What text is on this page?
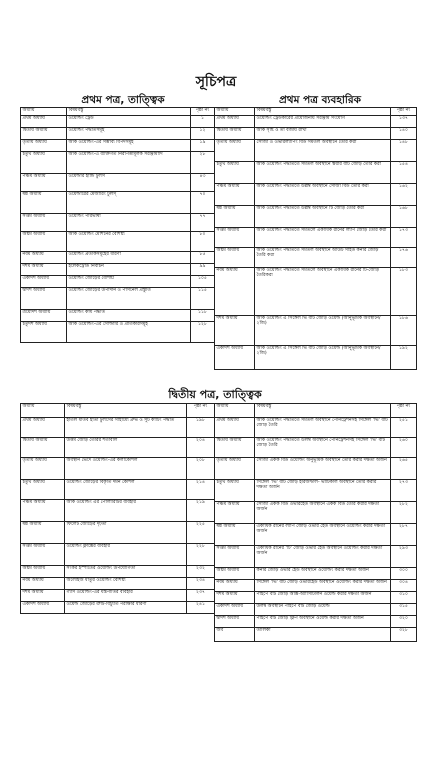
সূচিপত্র
প্রথম পত্র, তাত্ত্বিক	প্রথম পত্র ব্যবহারিক
অধ্যায়	বিষয়বস্তু	পৃষ্ঠা নং
প্রথম অধ্যায়	ওয়েল্ডিং ট্রেড	১
দ্বিতীয় অধ্যায়	ওয়েল্ডিং পদ্ধতিসমূহ	১২
তৃতীয় অধ্যায়	আর্ক ওয়েল্ডিং-এর সম্ভাব্য বিপদসমূহ	১৯
চতুর্থ অধ্যায়	আর্ক ওয়েল্ডিং-এ ব্যক্তিগত নিরাপত্তামূলক সরঞ্জামাদি	২৮
পঞ্চম অধ্যায়	ওয়েল্ডার হ্যান্ড টুলস	৪৩
ষষ্ঠ অধ্যায়	ওয়েল্ডারের মেজারিং টুলস্	৭০
সপ্তম অধ্যায়	ওয়েল্ডিং পরিভাষা	৭৭
অষ্টম অধ্যায়	আর্ক ওয়েল্ডিং মেশিনের বৈশিষ্ট্য	৮০
নবম অধ্যায়	ওয়েল্ডিং প্রতীকসমূহের ধারণা	৮৫
দশম অধ্যায়	ইলেকট্রোড নির্বাচন	৯৯
একাদশ অধ্যায়	ওয়েল্ডিং জোড়ের বৈশিষ্ট্য	১০৫
দ্বাদশ অধ্যায়	ওয়েল্ডিং জোড়ের উপাদান ও পার্সনেল প্রস্তুতি	১১৫
ত্রয়োদশ অধ্যায়	ওয়েল্ডিং কার্য পদ্ধতি	১১৮
চতুর্দশ অধ্যায়	আর্ক ওয়েল্ডিং-এর সোল্ডারি ও প্রতিকারসমূহ	১২৮
অধ্যায়	বিষয়বস্তু	পৃষ্ঠা নং
প্রথম অধ্যায়	ওয়েল্ডিং ট্রেডকারের প্রয়োজনীয় সরঞ্জাম সংযোগ	১৩৭
দ্বিতীয় অধ্যায়	আর্ক সৃষ্টি ও তা বজায় রাখা	১৪০
তৃতীয় অধ্যায়	সোজা ও ওভারল্যাপিং বিড সমতল অবস্থানে তৈরি করা	১৪৮
চতুর্থ অধ্যায়	আর্ক ওয়েল্ডিং পদ্ধতিতে সমতল অবস্থানে স্কয়ার বাট জোড় তৈরি করা	১৫৪
পঞ্চম অধ্যায়	আর্ক ওয়েল্ডিং পদ্ধতিতে উল্লম্ব অবস্থানে সোজা বিড তৈরি করা	১৬২
ষষ্ঠ অধ্যায়	আর্ক ওয়েল্ডিং পদ্ধতিতে উল্লম্ব অবস্থানে টি জোড় তৈরি করা	১৬৮
সপ্তম অধ্যায়	আর্ক ওয়েল্ডিং পদ্ধতিতে সমতলে একাধিক রানের ল্যাপ জোড় তৈরি করা	১৭৩
অষ্টম অধ্যায়	আর্ক ওয়েল্ডিং পদ্ধতিতে সমতল অবস্থানে আউট সাইড কর্নার জোড় তৈরি করা	১৭৬
নবম অধ্যায়	আর্ক ওয়েল্ডিং পদ্ধতিতে সমতলে অবস্থানে একাধিক রানের টি-জোড় তৈরিকরা	১৮৩
দশম অধ্যায়	আর্ক ওয়েল্ডিং এ সিঙ্গেল ভি বাট জোড় ওয়েল্ড (আনুভূমিক অবস্থানে/২জি)	১৮৬
একাদশ অধ্যায়	আর্ক ওয়েল্ডিং এ সিঙ্গেল ভি বাট জোড় ওয়েল্ড (আনুভূমিক অবস্থানে/২জি)	১৯২
দ্বিতীয় পত্র, তাত্ত্বিক
অধ্যায়	বিষয়বস্তু	পৃষ্ঠা নং
প্রথম অধ্যায়	হাতল ধাতব হাতা টুলসের সাহায্যে গ্রুভ ও সুট কাটিং পদ্ধতি	১৯৮
দ্বিতীয় অধ্যায়	উত্তম জোড় তৈরির শর্তাবলি	২০৪
তৃতীয় অধ্যায়	অবস্থান ভেদে ওয়েল্ডিং-এর কলাকৌশল	২০৮
চতুর্থ অধ্যায়	ওয়েল্ডিং জোড়ের বিকৃতি দমন কৌশল	২১৪
পঞ্চম অধ্যায়	আর্ক ওয়েল্ডিং এর পোলারিটির ব্যবহার	২১৯
ষষ্ঠ অধ্যায়	ফিলেট জোড়ের দৃঢ়তা	২২৫
সপ্তম অধ্যায়	ওয়েল্ডিং ফ্লাক্সের ব্যবহার	২২৮
অষ্টম অধ্যায়	সংকর ইস্পাতের ওয়েল্ডিং উপযোগিতা	২৩২
নবম অধ্যায়	অলৌহজ ধাতুর ওয়েল্ডিং বৈশিষ্ট্য	২৩৪
দশম অধ্যায়	গ্যাস ওয়েল্ডিং-এর যন্ত্রপাতির ব্যবহার	২৩৭
একাদশ অধ্যায়	ওয়েল্ড জোড়ের ত্রুটি-বিচ্যুতি পরীক্ষার ধারণা	২৪১
অধ্যায়	বিষয়বস্তু	পৃষ্ঠা নং
প্রথম অধ্যায়	আর্ক ওয়েল্ডিং পদ্ধতিতে সমতল অবস্থানে পেনিট্রেশনসহ সিঙ্গেল 'ভি' বাট জোড় তৈরি	২৫১
দ্বিতীয় অধ্যায়	আর্ক ওয়েল্ডিং পদ্ধতিতে উলম্ব অবস্থানে পেনিট্রেশনসহ সিঙ্গেল 'ভি' বাট জোড় তৈরি	২৬০
তৃতীয় অধ্যায়	সোজা একক বিড ওয়েল্ডিং অনুভূমিক অবস্থানে তৈরি করার দক্ষতা অর্জন	২৬৫
চতুর্থ অধ্যায়	সিঙ্গেল 'ভি' বাট জোড় হরিজন্টাল- ভার্টিকাল অবস্থানে তৈরি করার দক্ষতা অর্জন	২৭৩
পঞ্চম অধ্যায়	সোজা একক বিড ওভারহেড অবস্থানে একক বিড তৈরি করার দক্ষতা অর্জন	২৮২
ষষ্ঠ অধ্যায়	একাধিক রানের ল্যাপ জোড় ওভার হেড অবস্থানে ওয়েল্ডিং করার দক্ষতা অর্জন	২৮৭
সপ্তম অধ্যায়	একাধিক রানের 'টি' জোড় ওভার হেড অবস্থানে ওয়েল্ডিং করার দক্ষতা অর্জন	২৯৩
অষ্টম অধ্যায়	কর্নার জোড় ওভার হেড অবস্থানে ওয়েল্ডিং করার দক্ষতা অর্জন	৩০০
নবম অধ্যায়	সিঙ্গেল 'ভি' বাট জোড় ওভারহেড অবস্থানে ওয়েল্ডিং করার দক্ষতা অর্জন	৩০৪
দশম অধ্যায়	পাইপে বাট জোড় অক্সি-অ্যাসিটিলিন ওয়েল্ড করার দক্ষতা অর্জন	৩১০
একাদশ অধ্যায়	উলম্ব অবস্থানে পাইপে বাট জোড় ওয়েল্ড	৩১৫
দ্বাদশ অধ্যায়	পাইপে বাট জোড় ফ্লিপ অবস্থানে ওয়েল্ড করার দক্ষতা অর্জন	৩২০
জব	তালিকা	৩২৮
